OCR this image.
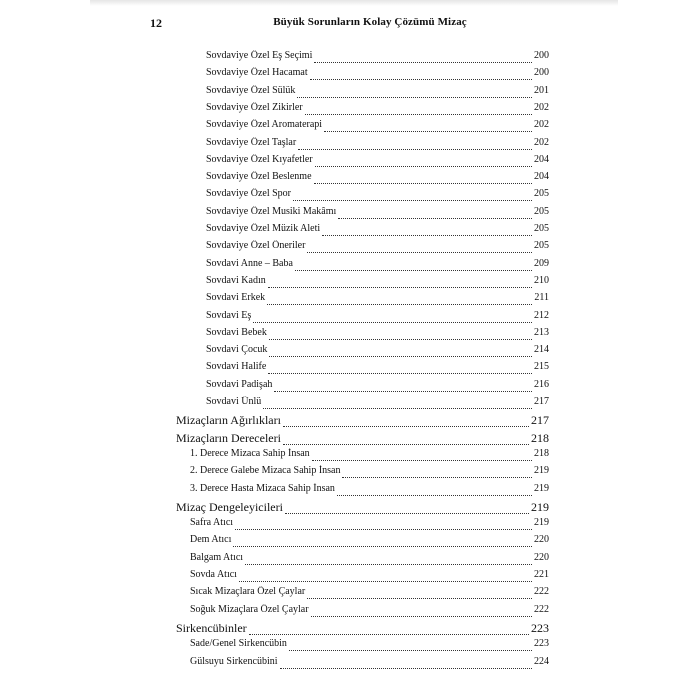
12	Büyük Sorunların Kolay Çözümü Mizaç
Sovdaviye Özel Eş Seçimi	200
Sovdaviye Özel Hacamat	200
Sovdaviye Özel Sülük	201
Sovdaviye Özel Zikirler	202
Sovdaviye Özel Aromaterapi	202
Sovdaviye Özel Taşlar	202
Sovdaviye Özel Kıyafetler	204
Sovdaviye Özel Beslenme	204
Sovdaviye Özel Spor	205
Sovdaviye Özel Musiki Makâmı	205
Sovdaviye Özel Müzik Aleti	205
Sovdaviye Özel Öneriler	205
Sovdavi Anne – Baba	209
Sovdavi Kadın	210
Sovdavi Erkek	211
Sovdavi Eş	212
Sovdavi Bebek	213
Sovdavi Çocuk	214
Sovdavi Halife	215
Sovdavi Padişah	216
Sovdavi Ünlü	217
Mizaçların Ağırlıkları	217
Mizaçların Dereceleri	218
1. Derece Mizaca Sahip İnsan	218
2. Derece Galebe Mizaca Sahip İnsan	219
3. Derece Hasta Mizaca Sahip İnsan	219
Mizaç Dengeleyicileri	219
Safra Atıcı	219
Dem Atıcı	220
Balgam Atıcı	220
Sovda Atıcı	221
Sıcak Mizaçlara Özel Çaylar	222
Soğuk Mizaçlara Özel Çaylar	222
Sirkencübinler	223
Sade/Genel Sirkencübin	223
Gülsuyu Sirkencübini	224
